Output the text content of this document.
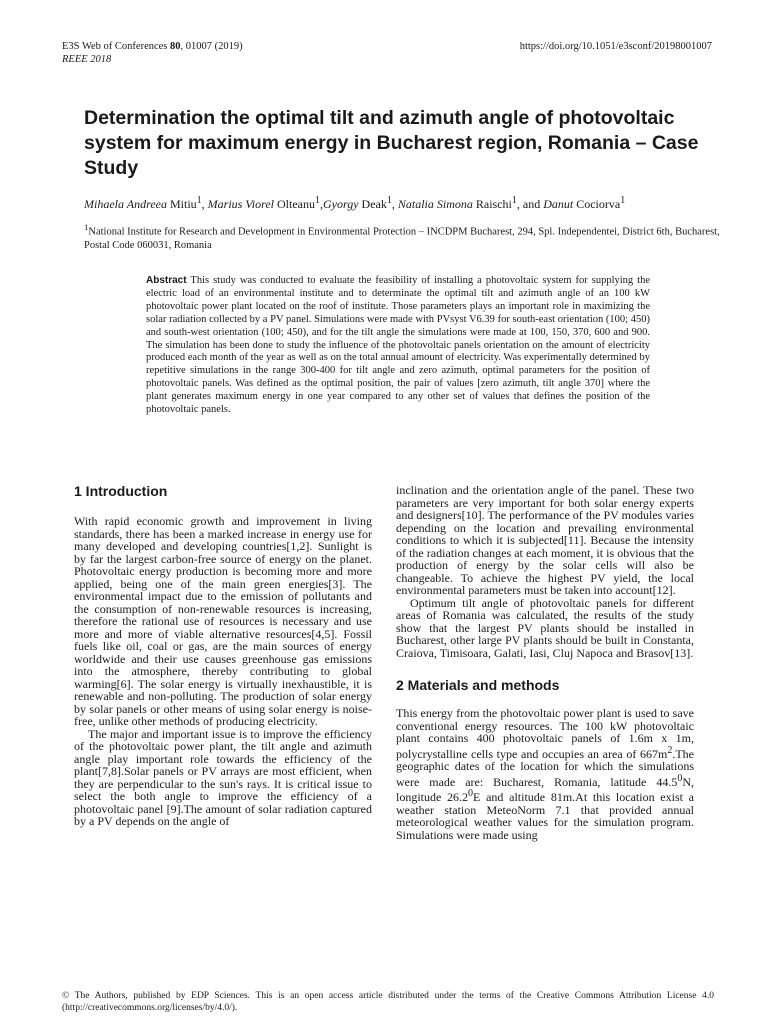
E3S Web of Conferences 80, 01007 (2019)
REEE 2018
https://doi.org/10.1051/e3sconf/20198001007
Determination the optimal tilt and azimuth angle of photovoltaic system for maximum energy in Bucharest region, Romania – Case Study
Mihaela Andreea Mitiu$^1$, Marius Viorel Olteanu$^1$,Gyorgy Deak$^1$, Natalia Simona Raischi$^1$, and Danut Cociorva$^1$
$^1$National Institute for Research and Development in Environmental Protection – INCDPM Bucharest, 294, Spl. Independentei, District 6th, Bucharest, Postal Code 060031, Romania

Abstract This study was conducted to evaluate the feasibility of installing a photovoltaic system for supplying the electric load of an environmental institute and to determinate the optimal tilt and azimuth angle of an 100 kW photovoltaic power plant located on the roof of institute. Those parameters plays an important role in maximizing the solar radiation collected by a PV panel. Simulations were made with PVsyst V6.39 for south-east orientation (100; 450) and south-west orientation (100; 450), and for the tilt angle the simulations were made at 100, 150, 370, 600 and 900. The simulation has been done to study the influence of the photovoltaic panels orientation on the amount of electricity produced each month of the year as well as on the total annual amount of electricity. Was experimentally determined by repetitive simulations in the range 300-400 for tilt angle and zero azimuth, optimal parameters for the position of photovoltaic panels. Was defined as the optimal position, the pair of values [zero azimuth, tilt angle 370] where the plant generates maximum energy in one year compared to any other set of values that defines the position of the photovoltaic panels.

1 Introduction

With rapid economic growth and improvement in living standards, there has been a marked increase in energy use for many developed and developing countries[1,2]. Sunlight is by far the largest carbon-free source of energy on the planet. Photovoltaic energy production is becoming more and more applied, being one of the main green energies[3]. The environmental impact due to the emission of pollutants and the consumption of non-renewable resources is increasing, therefore the rational use of resources is necessary and use more and more of viable alternative resources[4,5]. Fossil fuels like oil, coal or gas, are the main sources of energy worldwide and their use causes greenhouse gas emissions into the atmosphere, thereby contributing to global warming[6]. The solar energy is virtually inexhaustible, it is renewable and non-polluting. The production of solar energy by solar panels or other means of using solar energy is noise-free, unlike other methods of producing electricity.

The major and important issue is to improve the efficiency of the photovoltaic power plant, the tilt angle and azimuth angle play important role towards the efficiency of the plant[7,8].Solar panels or PV arrays are most efficient, when they are perpendicular to the sun's rays. It is critical issue to select the both angle to improve the efficiency of a photovoltaic panel [9].The amount of solar radiation captured by a PV depends on the angle of

inclination and the orientation angle of the panel. These two parameters are very important for both solar energy experts and designers[10]. The performance of the PV modules varies depending on the location and prevailing environmental conditions to which it is subjected[11]. Because the intensity of the radiation changes at each moment, it is obvious that the production of energy by the solar cells will also be changeable. To achieve the highest PV yield, the local environmental parameters must be taken into account[12].

Optimum tilt angle of photovoltaic panels for different areas of Romania was calculated, the results of the study show that the largest PV plants should be installed in Bucharest, other large PV plants should be built in Constanta, Craiova, Timisoara, Galati, Iasi, Cluj Napoca and Brasov[13].

2 Materials and methods

This energy from the photovoltaic power plant is used to save conventional energy resources. The 100 kW photovoltaic plant contains 400 photovoltaic panels of 1.6m x 1m, polycrystalline cells type and occupies an area of $667m^2.The$ geographic dates of the location for which the simulations were made are: Bucharest, Romania, latitude 44.5$^0$N, longitude 26.2$^0$E and altitude 81m.At this location exist a weather station MeteoNorm 7.1 that provided annual meteorological weather values for the simulation program. Simulations were made using

© The Authors, published by EDP Sciences. This is an open access article distributed under the terms of the Creative Commons Attribution License 4.0 (http://creativecommons.org/licenses/by/4.0/).
